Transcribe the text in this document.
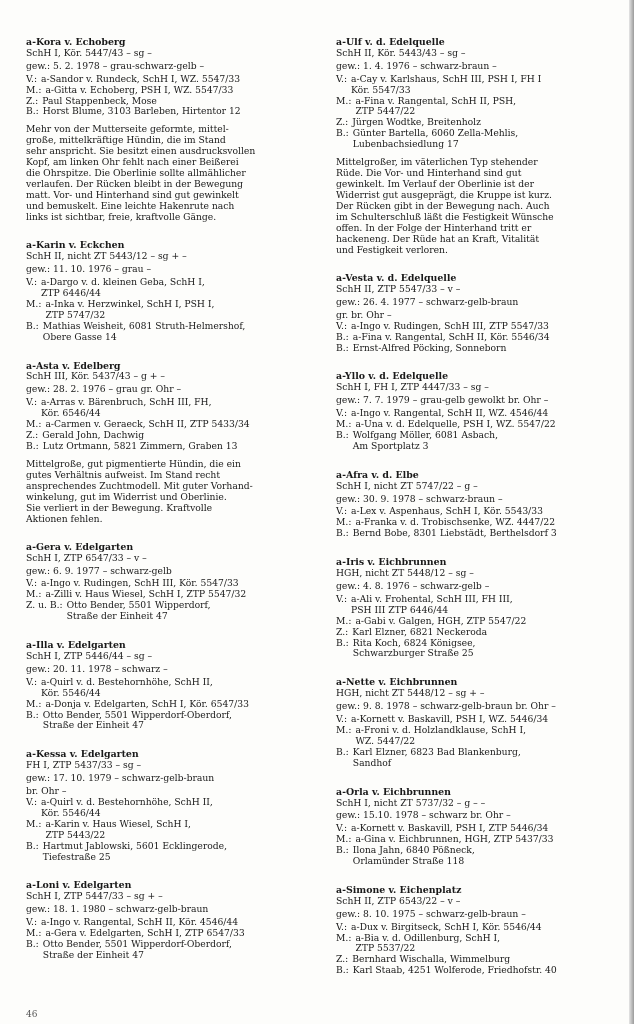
a-Kora v. Echoberg
SchH I, Kör. 5447/43 – sg –
gew.: 5. 2. 1978 – grau-schwarz-gelb –
V.: a-Sandor v. Rundeck, SchH I, WZ. 5547/33
M.: a-Gitta v. Echoberg, PSH I, WZ. 5547/33
Z.: Paul Stappenbeck, Mose
B.: Horst Blume, 3103 Barleben, Hirtentor 12
Mehr von der Mutterseite geformte, mittel-
große, mittelkräftige Hündin, die im Stand
sehr anspricht. Sie besitzt einen ausdrucksvollen
Kopf, am linken Ohr fehlt nach einer Beißerei
die Ohrspitze. Die Oberlinie sollte allmählicher
verlaufen. Der Rücken bleibt in der Bewegung
matt. Vor- und Hinterhand sind gut gewinkelt
und bemuskelt. Eine leichte Hakenrute nach
links ist sichtbar, freie, kraftvolle Gänge.
a-Karin v. Eckchen
SchH II, nicht ZT 5443/12 – sg + –
gew.: 11. 10. 1976 – grau –
V.: a-Dargo v. d. kleinen Geba, SchH I,
ZTP 6446/44
M.: a-Inka v. Herzwinkel, SchH I, PSH I,
ZTP 5747/32
B.: Mathias Weisheit, 6081 Struth-Helmershof,
Obere Gasse 14
a-Asta v. Edelberg
SchH III, Kör. 5437/43 – g + –
gew.: 28. 2. 1976 – grau gr. Ohr –
V.: a-Arras v. Bärenbruch, SchH III, FH,
Kör. 6546/44
M.: a-Carmen v. Geraeck, SchH II, ZTP 5433/34
Z.: Gerald John, Dachwig
B.: Lutz Ortmann, 5821 Zimmern, Graben 13
Mittelgroße, gut pigmentierte Hündin, die ein
gutes Verhältnis aufweist. Im Stand recht
ansprechendes Zuchtmodell. Mit guter Vorhand-
winkelung, gut im Widerrist und Oberlinie.
Sie verliert in der Bewegung. Kraftvolle
Aktionen fehlen.
a-Gera v. Edelgarten
SchH I, ZTP 6547/33 – v –
gew.: 6. 9. 1977 – schwarz-gelb
V.: a-Ingo v. Rudingen, SchH III, Kör. 5547/33
M.: a-Zilli v. Haus Wiesel, SchH I, ZTP 5547/32
Z. u. B.: Otto Bender, 5501 Wipperdorf,
Straße der Einheit 47
a-Illa v. Edelgarten
SchH I, ZTP 5446/44 – sg –
gew.: 20. 11. 1978 – schwarz –
V.: a-Quirl v. d. Bestehornhöhe, SchH II,
Kör. 5546/44
M.: a-Donja v. Edelgarten, SchH I, Kör. 6547/33
B.: Otto Bender, 5501 Wipperdorf-Oberdorf,
Straße der Einheit 47
a-Kessa v. Edelgarten
FH I, ZTP 5437/33 – sg –
gew.: 17. 10. 1979 – schwarz-gelb-braun
br. Ohr –
V.: a-Quirl v. d. Bestehornhöhe, SchH II,
Kör. 5546/44
M.: a-Karin v. Haus Wiesel, SchH I,
ZTP 5443/22
B.: Hartmut Jablowski, 5601 Ecklingerode,
Tiefestraße 25
a-Loni v. Edelgarten
SchH I, ZTP 5447/33 – sg + –
gew.: 18. 1. 1980 – schwarz-gelb-braun
V.: a-Ingo v. Rangental, SchH II, Kör. 4546/44
M.: a-Gera v. Edelgarten, SchH I, ZTP 6547/33
B.: Otto Bender, 5501 Wipperdorf-Oberdorf,
Straße der Einheit 47
a-Ulf v. d. Edelquelle
SchH II, Kör. 5443/43 – sg –
gew.: 1. 4. 1976 – schwarz-braun –
V.: a-Cay v. Karlshaus, SchH III, PSH I, FH I
Kör. 5547/33
M.: a-Fina v. Rangental, SchH II, PSH,
ZTP 5447/22
Z.: Jürgen Wodtke, Breitenholz
B.: Günter Bartella, 6060 Zella-Mehlis,
Lubenbachsiedlung 17
Mittelgroßer, im väterlichen Typ stehender
Rüde. Die Vor- und Hinterhand sind gut
gewinkelt. Im Verlauf der Oberlinie ist der
Widerrist gut ausgeprägt, die Kruppe ist kurz.
Der Rücken gibt in der Bewegung nach. Auch
im Schulterschluß läßt die Festigkeit Wünsche
offen. In der Folge der Hinterhand tritt er
hackeneng. Der Rüde hat an Kraft, Vitalität
und Festigkeit verloren.
a-Vesta v. d. Edelquelle
SchH II, ZTP 5547/33 – v –
gew.: 26. 4. 1977 – schwarz-gelb-braun
gr. br. Ohr –
V.: a-Ingo v. Rudingen, SchH III, ZTP 5547/33
B.: a-Fina v. Rangental, SchH II, Kör. 5546/34
B.: Ernst-Alfred Pöcking, Sonneborn
a-Yllo v. d. Edelquelle
SchH I, FH I, ZTP 4447/33 – sg –
gew.: 7. 7. 1979 – grau-gelb gewolkt br. Ohr –
V.: a-Ingo v. Rangental, SchH II, WZ. 4546/44
M.: a-Una v. d. Edelquelle, PSH I, WZ. 5547/22
B.: Wolfgang Möller, 6081 Asbach,
Am Sportplatz 3
a-Afra v. d. Elbe
SchH I, nicht ZT 5747/22 – g –
gew.: 30. 9. 1978 – schwarz-braun –
V.: a-Lex v. Aspenhaus, SchH I, Kör. 5543/33
M.: a-Franka v. d. Trobischsenke, WZ. 4447/22
B.: Bernd Bobe, 8301 Liebstädt, Berthelsdorf 3
a-Iris v. Eichbrunnen
HGH, nicht ZT 5448/12 – sg –
gew.: 4. 8. 1976 – schwarz-gelb –
V.: a-Ali v. Frohental, SchH III, FH III,
PSH III ZTP 6446/44
M.: a-Gabi v. Galgen, HGH, ZTP 5547/22
Z.: Karl Elzner, 6821 Neckeroda
B.: Rita Koch, 6824 Königsee,
Schwarzburger Straße 25
a-Nette v. Eichbrunnen
HGH, nicht ZT 5448/12 – sg + –
gew.: 9. 8. 1978 – schwarz-gelb-braun br. Ohr –
V.: a-Kornett v. Baskavill, PSH I, WZ. 5446/34
M.: a-Froni v. d. Holzlandklause, SchH I,
WZ. 5447/22
B.: Karl Elzner, 6823 Bad Blankenburg,
Sandhof
a-Orla v. Eichbrunnen
SchH I, nicht ZT 5737/32 – g – –
gew.: 15.10. 1978 – schwarz br. Ohr –
V.: a-Kornett v. Baskavill, PSH I, ZTP 5446/34
M.: a-Gina v. Eichbrunnen, HGH, ZTP 5437/33
B.: Ilona Jahn, 6840 Pößneck,
Orlamünder Straße 118
a-Simone v. Eichenplatz
SchH II, ZTP 6543/22 – v –
gew.: 8. 10. 1975 – schwarz-gelb-braun –
V.: a-Dux v. Birgitseck, SchH I, Kör. 5546/44
M.: a-Bia v. d. Odillenburg, SchH I,
ZTP 5537/22
Z.: Bernhard Wischalla, Wimmelburg
B.: Karl Staab, 4251 Wolferode, Friedhofstr. 40
46
